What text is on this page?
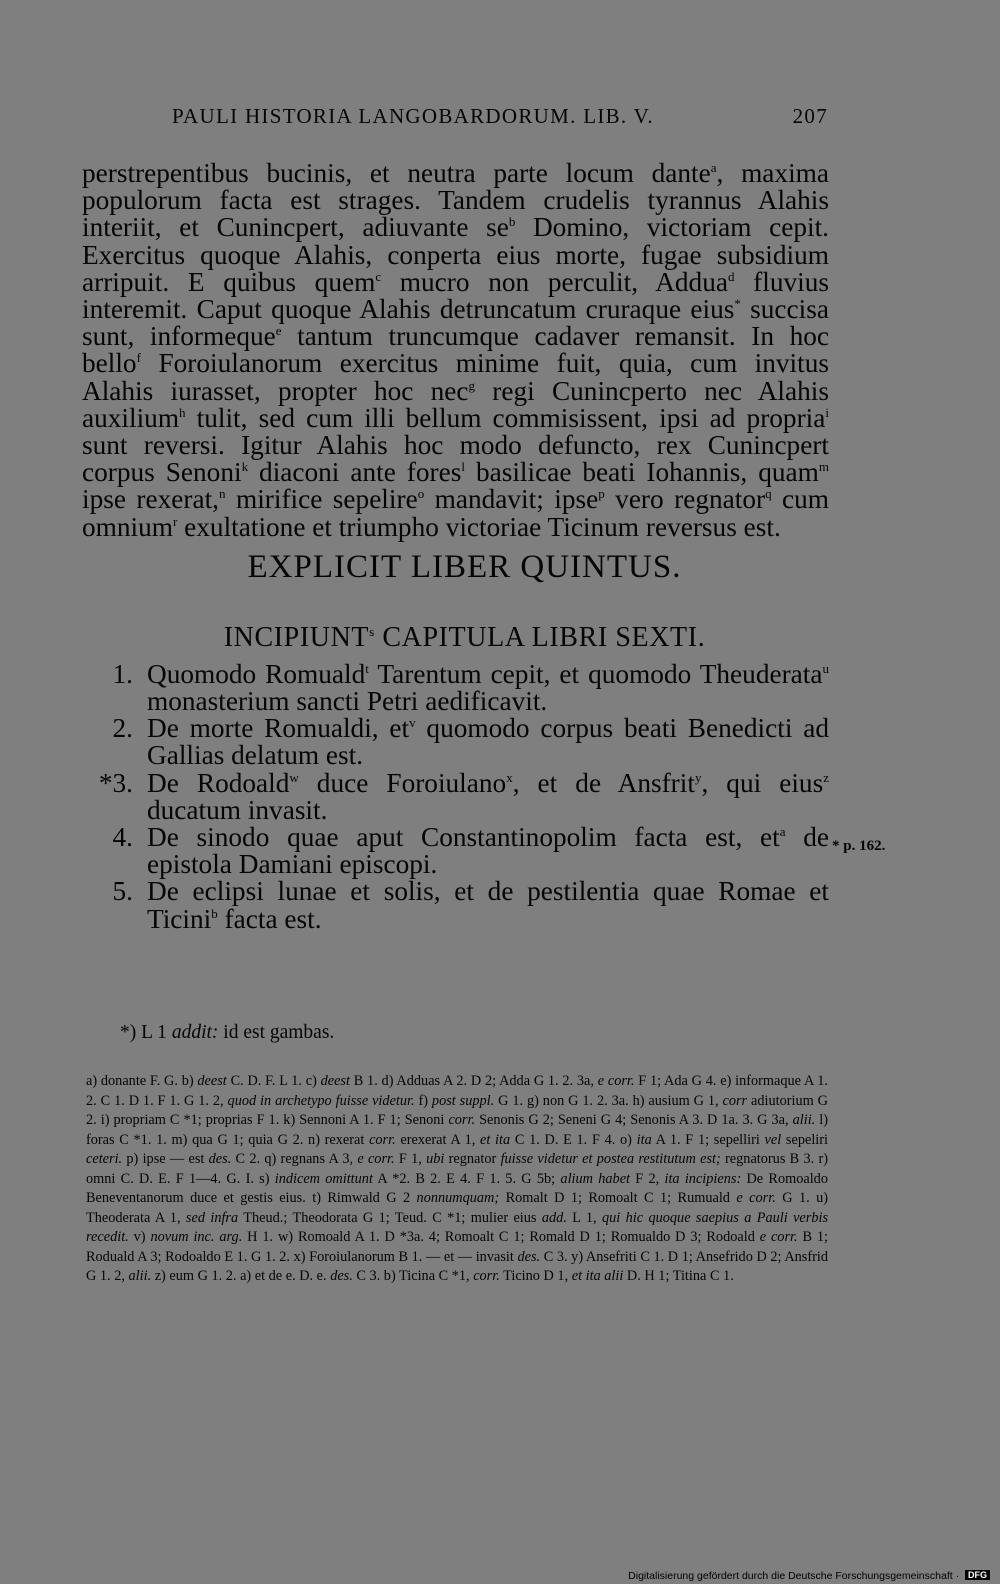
PAULI HISTORIA LANGOBARDORUM. LIB. V.	207

perstrepentibus bucinis, et neutra parte locum dante$^a$, maxima populorum facta est strages. Tandem crudelis tyrannus Alahis interiit, et Cunincpert, adiuvante $se^b$ Domino, victoriam cepit. Exercitus quoque Alahis, conperta eius morte, fugae subsidium arripuit. E quibus quem$^c$ mucro non perculit, Addua$^d$ fluvius interemit. Caput quoque Alahis detruncatum cruraque eius* succisa sunt, informeque$^e$ tantum truncumque cadaver remansit. In hoc bello$^f$ Foroiulanorum exercitus minime fuit, quia, cum invitus Alahis iurasset, propter hoc nec$^g$ regi Cunincperto nec Alahis auxilium$^h$ tulit, sed cum illi bellum commisissent, ipsi ad propria$^i$ sunt reversi. Igitur Alahis hoc modo defuncto, rex Cunincpert corpus Senoni$^k$ diaconi ante fores$^l$ basilicae beati Iohannis, quam$^m$ ipse rexerat,$^n$ mirifice sepelire$^o$ mandavit; ipse$^p$ vero regnator$^q$ cum omnium$^r$ exultatione et triumpho victoriae Ticinum reversus est.

EXPLICIT LIBER QUINTUS.
INCIPIUNT$^s$ CAPITULA LIBRI SEXTI.
1. Quomodo Romuald$^t$ Tarentum cepit, et quomodo Theuderata$^u$ monasterium sancti Petri aedificavit.
2. De morte Romualdi, $et^v$ quomodo corpus beati Benedicti ad Gallias delatum est.
*3. De Rodoald$^w$ duce Foroiulano$^x$, et de Ansfrit$^y$, qui eius$^z$ ducatum invasit.
4. De sinodo quae aput Constantinopolim facta est, $et^a$ de epistola Damiani episcopi.
5. De eclipsi lunae et solis, et de pestilentia quae Romae et Ticini$^b$ facta est.
* p. 162.
*) L 1 addit: id est gambas.
a) donante F. G. b) deest C. D. F. L 1. c) deest B 1. d) Adduas A 2. D 2; Adda G 1. 2. 3a, e corr. F 1; Ada G 4. e) informaque A 1. 2. C 1. D 1. F 1. G 1. 2, quod in archetypo fuisse videtur. f) post suppl. G 1. g) non G 1. 2. 3a. h) ausium G 1, corr adiutorium G 2. i) propriam C *1; proprias F 1. k) Sennoni A 1. F 1; Senoni corr. Senonis G 2; Seneni G 4; Senonis A 3. D 1a. 3. G 3a, alii. l) foras C *1. 1. m) qua G 1; quia G 2. n) rexerat corr. erexerat A 1, et ita C 1. D. E 1. F 4. o) ita A 1. F 1; sepelliri vel sepeliri ceteri. p) ipse — est des. C 2. q) regnans A 3, e corr. F 1, ubi regnator fuisse videtur et postea restitutum est; regnatorus B 3. r) omni C. D. E. F 1—4. G. I. s) indicem omittunt A *2. B 2. E 4. F 1. 5. G 5b; alium habet F 2, ita incipiens: De Romoaldo Beneventanorum duce et gestis eius. t) Rimwald G 2 nonnumquam; Romalt D 1; Romoalt C 1; Rumuald e corr. G 1. u) Theoderata A 1, sed infra Theud.; Theodorata G 1; Teud. C *1; mulier eius add. L 1, qui hic quoque saepius a Pauli verbis recedit. v) novum inc. arg. H 1. w) Romoald A 1. D *3a. 4; Romoalt C 1; Romald D 1; Romualdo D 3; Rodoald e corr. B 1; Roduald A 3; Rodoaldo E 1. G 1. 2. x) Foroiulanorum B 1. — et — invasit des. C 3. y) Ansefriti C 1. D 1; Ansefrido D 2; Ansfrid G 1. 2, alii. z) eum G 1. 2. a) et de e. D. e. des. C 3. b) Ticina C *1, corr. Ticino D 1, et ita alii D. H 1; Titina C 1.
Digitalisierung gefördert durch die Deutsche Forschungsgemeinschaft · DFG
